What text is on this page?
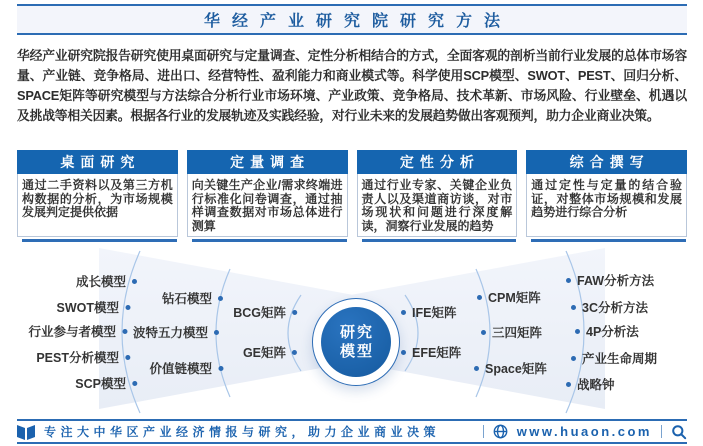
华经产业研究院研究方法
华经产业研究院报告研究使用桌面研究与定量调查、定性分析相结合的方式，全面客观的剖析当前行业发展的总体市场容量、产业链、竞争格局、进出口、经营特性、盈利能力和商业模式等。科学使用SCP模型、SWOT、PEST、回归分析、SPACE矩阵等研究模型与方法综合分析行业市场环境、产业政策、竞争格局、技术革新、市场风险、行业壁垒、机遇以及挑战等相关因素。根据各行业的发展轨迹及实践经验，对行业未来的发展趋势做出客观预判，助力企业商业决策。
桌面研究
通过二手资料以及第三方机构数据的分析，为市场规模发展判定提供依据
定量调查
向关键生产企业/需求终端进行标准化问卷调查，通过抽样调查数据对市场总体进行测算
定性分析
通过行业专家、关键企业负责人以及渠道商访谈，对市场现状和问题进行深度解读，洞察行业发展的趋势
综合撰写
通过定性与定量的结合验证，对整体市场规模和发展趋势进行综合分析
成长模型
SWOT模型
行业参与者模型
PEST分析模型
SCP模型
钻石模型
波特五力模型
价值链模型
BCG矩阵
GE矩阵
IFE矩阵
EFE矩阵
CPM矩阵
三四矩阵
Space矩阵
FAW分析方法
3C分析方法
4P分析法
产业生命周期
战略钟
研究
模型
专注大中华区产业经济情报与研究，助力企业商业决策	www.huaon.com
